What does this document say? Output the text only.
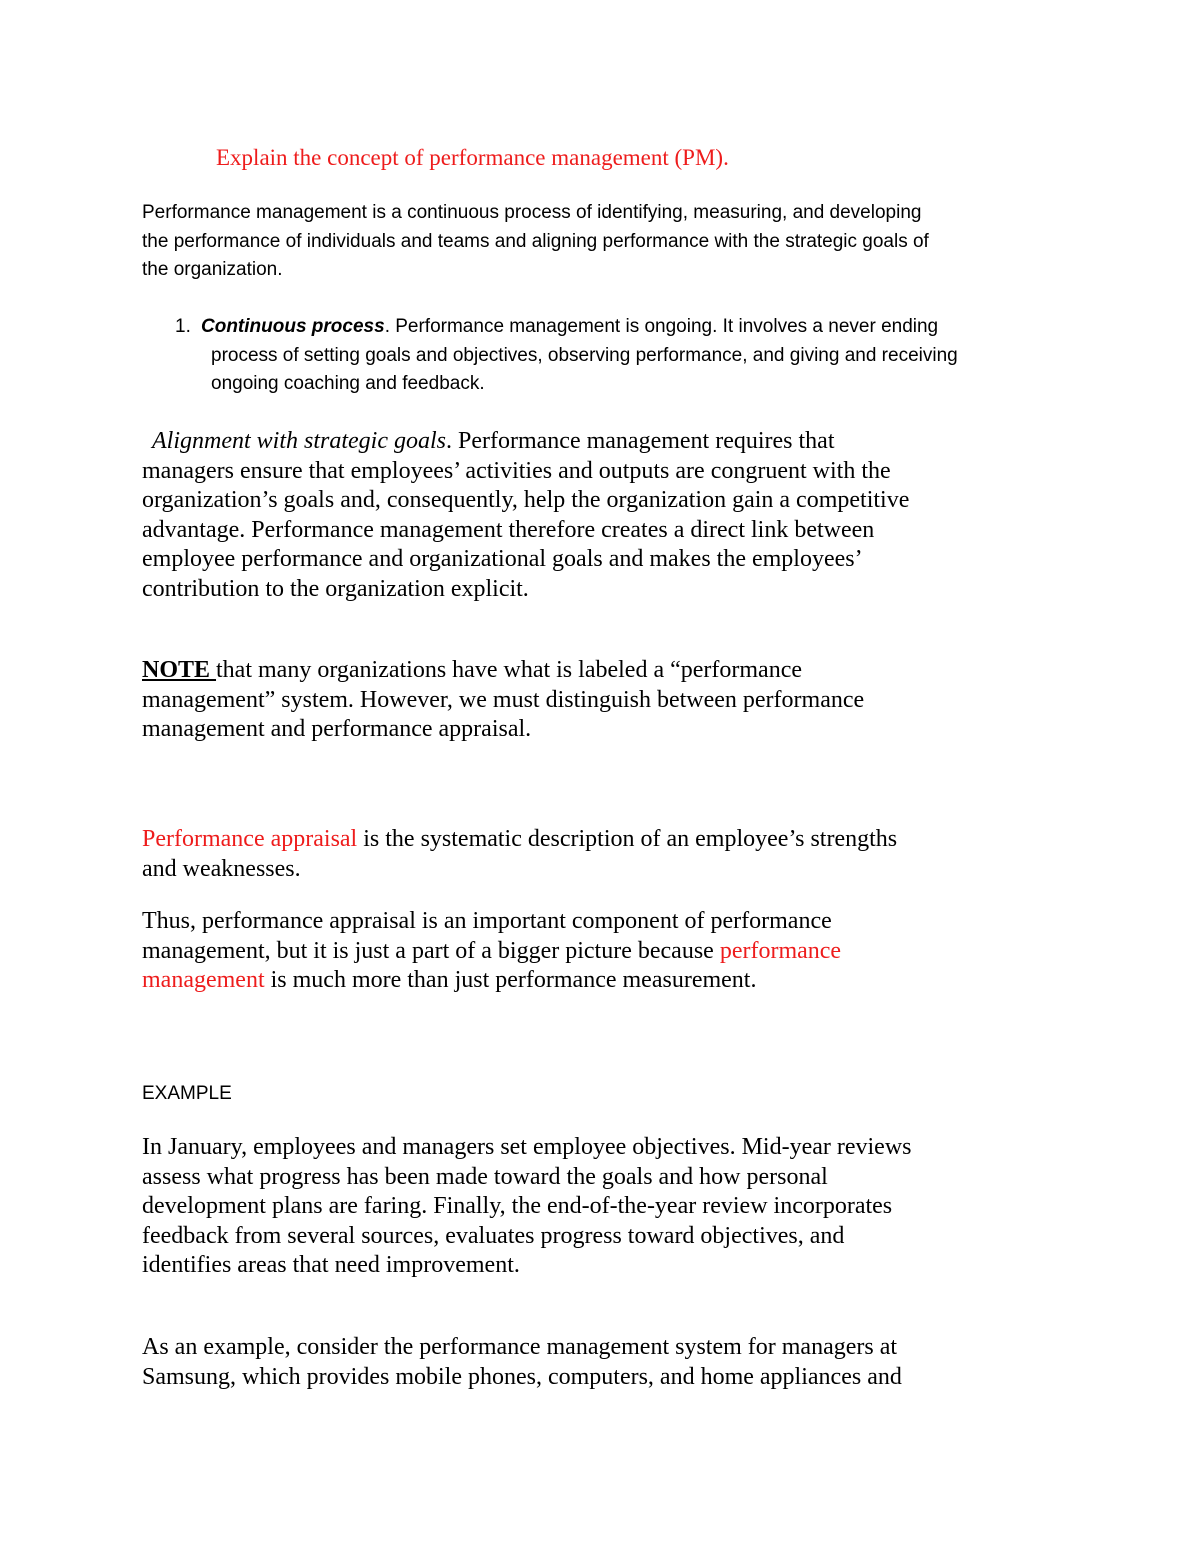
Explain the concept of performance management (PM).

Performance management is a continuous process of identifying, measuring, and developing
the performance of individuals and teams and aligning performance with the strategic goals of
the organization.
1. Continuous process. Performance management is ongoing. It involves a never ending
process of setting goals and objectives, observing performance, and giving and receiving
ongoing coaching and feedback.
Alignment with strategic goals. Performance management requires that
managers ensure that employees’ activities and outputs are congruent with the
organization’s goals and, consequently, help the organization gain a competitive
advantage. Performance management therefore creates a direct link between
employee performance and organizational goals and makes the employees’
contribution to the organization explicit.
NOTE that many organizations have what is labeled a “performance
management” system. However, we must distinguish between performance
management and performance appraisal.
Performance appraisal is the systematic description of an employee’s strengths
and weaknesses.
Thus, performance appraisal is an important component of performance
management, but it is just a part of a bigger picture because performance
management is much more than just performance measurement.

EXAMPLE

In January, employees and managers set employee objectives. Mid-year reviews
assess what progress has been made toward the goals and how personal
development plans are faring. Finally, the end-of-the-year review incorporates
feedback from several sources, evaluates progress toward objectives, and
identifies areas that need improvement.
As an example, consider the performance management system for managers at
Samsung, which provides mobile phones, computers, and home appliances and
